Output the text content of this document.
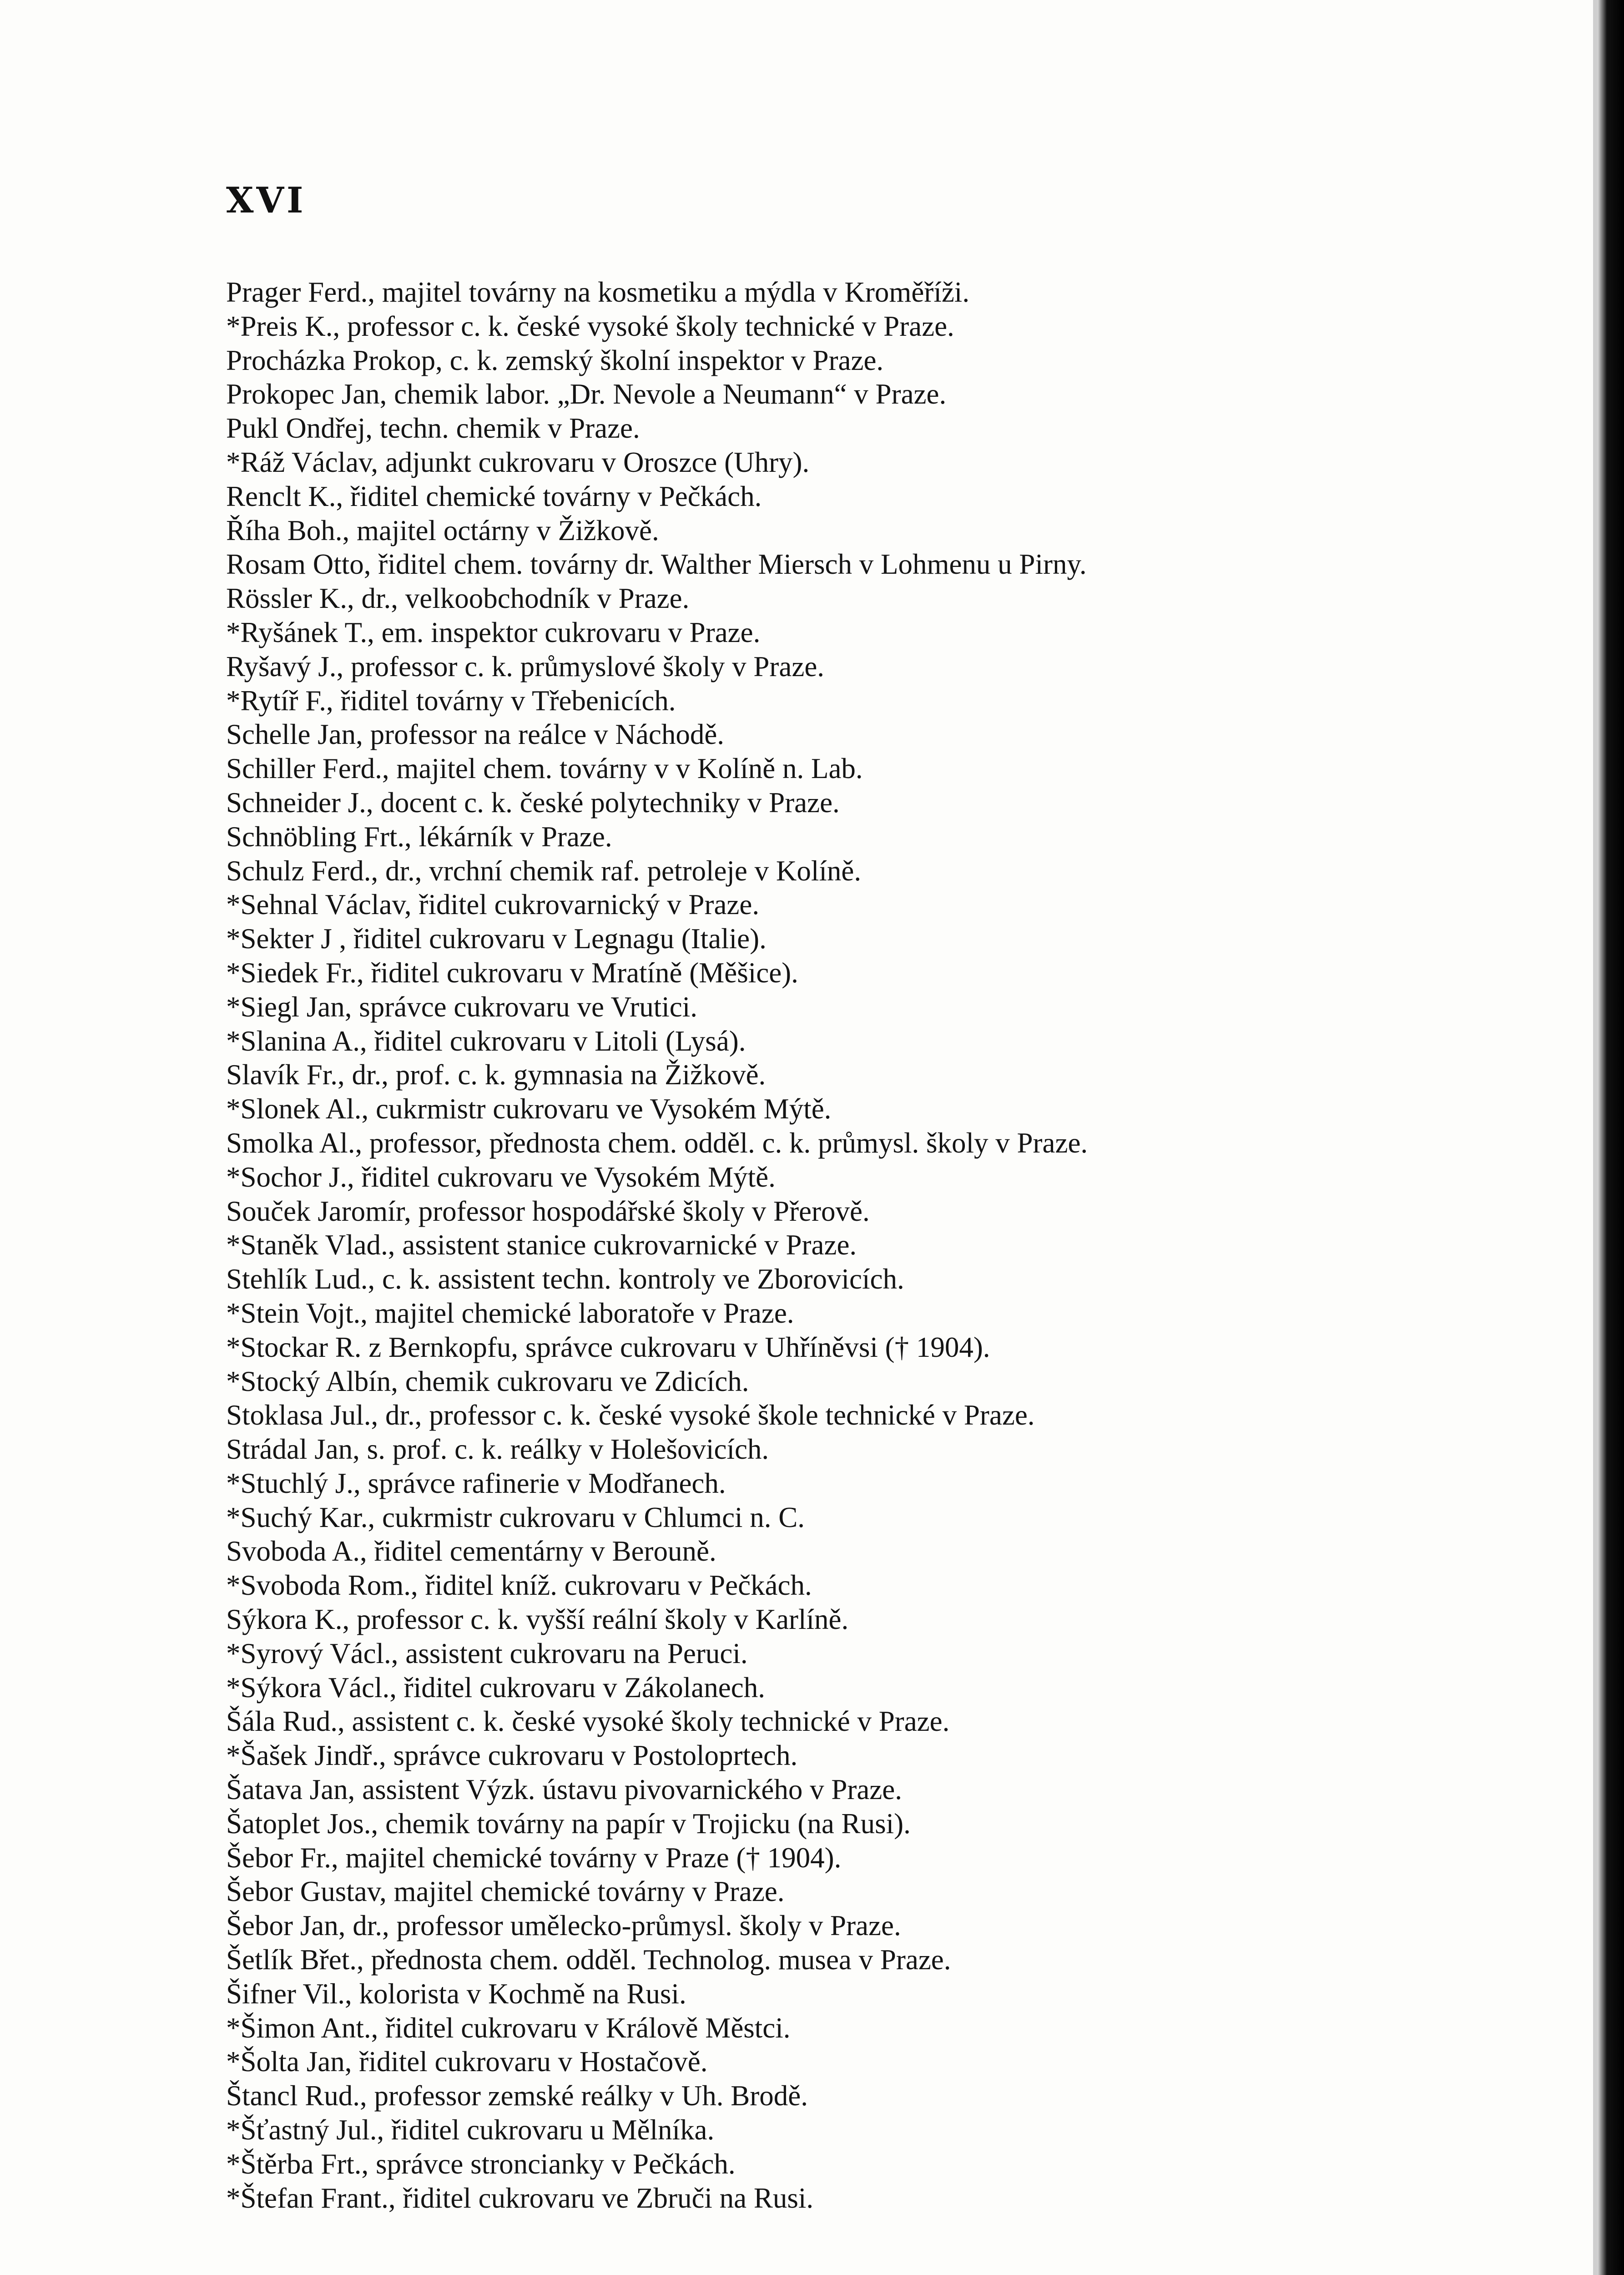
XVI
Prager Ferd., majitel továrny na kosmetiku a mýdla v Kroměříži.
*Preis K., professor c. k. české vysoké školy technické v Praze.
Procházka Prokop, c. k. zemský školní inspektor v Praze.
Prokopec Jan, chemik labor. „Dr. Nevole a Neumann“ v Praze.
Pukl Ondřej, techn. chemik v Praze.
*Ráž Václav, adjunkt cukrovaru v Oroszce (Uhry).
Renclt K., řiditel chemické továrny v Pečkách.
Říha Boh., majitel octárny v Žižkově.
Rosam Otto, řiditel chem. továrny dr. Walther Miersch v Lohmenu u Pirny.
Rössler K., dr., velkoobchodník v Praze.
*Ryšánek T., em. inspektor cukrovaru v Praze.
Ryšavý J., professor c. k. průmyslové školy v Praze.
*Rytíř F., řiditel továrny v Třebenicích.
Schelle Jan, professor na reálce v Náchodě.
Schiller Ferd., majitel chem. továrny v v Kolíně n. Lab.
Schneider J., docent c. k. české polytechniky v Praze.
Schnöbling Frt., lékárník v Praze.
Schulz Ferd., dr., vrchní chemik raf. petroleje v Kolíně.
*Sehnal Václav, řiditel cukrovarnický v Praze.
*Sekter J , řiditel cukrovaru v Legnagu (Italie).
*Siedek Fr., řiditel cukrovaru v Mratíně (Měšice).
*Siegl Jan, správce cukrovaru ve Vrutici.
*Slanina A., řiditel cukrovaru v Litoli (Lysá).
Slavík Fr., dr., prof. c. k. gymnasia na Žižkově.
*Slonek Al., cukrmistr cukrovaru ve Vysokém Mýtě.
Smolka Al., professor, přednosta chem. odděl. c. k. průmysl. školy v Praze.
*Sochor J., řiditel cukrovaru ve Vysokém Mýtě.
Souček Jaromír, professor hospodářské školy v Přerově.
*Staněk Vlad., assistent stanice cukrovarnické v Praze.
Stehlík Lud., c. k. assistent techn. kontroly ve Zborovicích.
*Stein Vojt., majitel chemické laboratoře v Praze.
*Stockar R. z Bernkopfu, správce cukrovaru v Uhříněvsi († 1904).
*Stocký Albín, chemik cukrovaru ve Zdicích.
Stoklasa Jul., dr., professor c. k. české vysoké škole technické v Praze.
Strádal Jan, s. prof. c. k. reálky v Holešovicích.
*Stuchlý J., správce rafinerie v Modřanech.
*Suchý Kar., cukrmistr cukrovaru v Chlumci n. C.
Svoboda A., řiditel cementárny v Berouně.
*Svoboda Rom., řiditel kníž. cukrovaru v Pečkách.
Sýkora K., professor c. k. vyšší reální školy v Karlíně.
*Syrový Václ., assistent cukrovaru na Peruci.
*Sýkora Václ., řiditel cukrovaru v Zákolanech.
Šála Rud., assistent c. k. české vysoké školy technické v Praze.
*Šašek Jindř., správce cukrovaru v Postoloprtech.
Šatava Jan, assistent Výzk. ústavu pivovarnického v Praze.
Šatoplet Jos., chemik továrny na papír v Trojicku (na Rusi).
Šebor Fr., majitel chemické továrny v Praze († 1904).
Šebor Gustav, majitel chemické továrny v Praze.
Šebor Jan, dr., professor umělecko-průmysl. školy v Praze.
Šetlík Břet., přednosta chem. odděl. Technolog. musea v Praze.
Šifner Vil., kolorista v Kochmě na Rusi.
*Šimon Ant., řiditel cukrovaru v Králově Městci.
*Šolta Jan, řiditel cukrovaru v Hostačově.
Štancl Rud., professor zemské reálky v Uh. Brodě.
*Šťastný Jul., řiditel cukrovaru u Mělníka.
*Štěrba Frt., správce stroncianky v Pečkách.
*Štefan Frant., řiditel cukrovaru ve Zbruči na Rusi.
